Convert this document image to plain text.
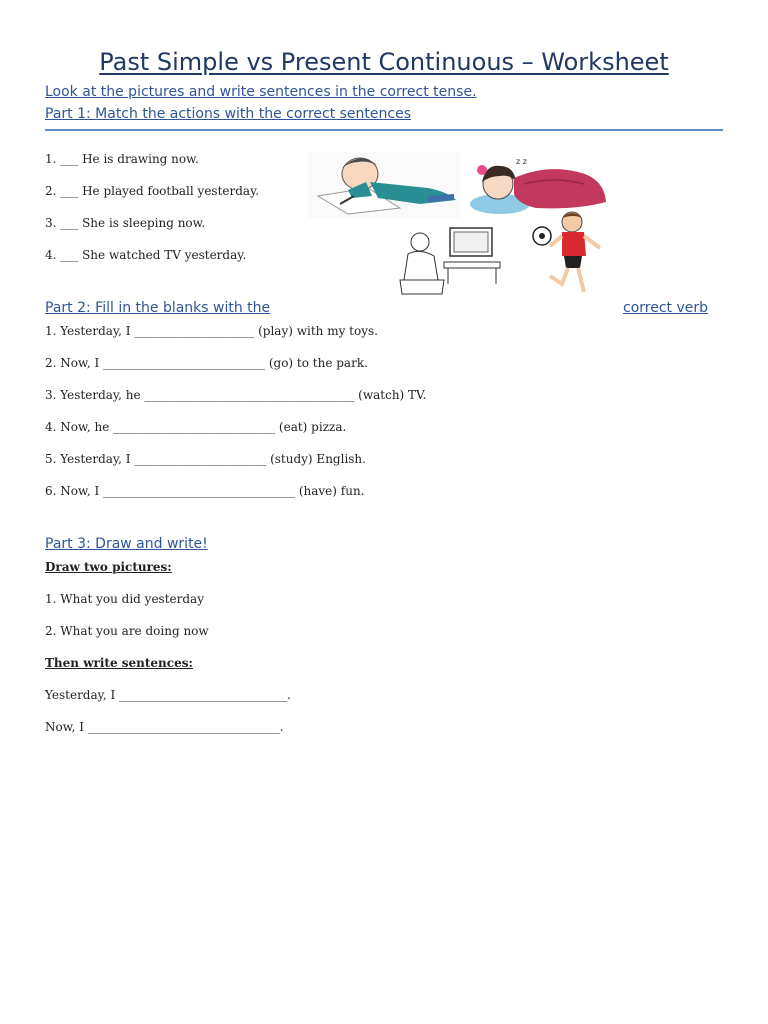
Past Simple vs Present Continuous – Worksheet
Look at the pictures and write sentences in the correct tense.
Part 1: Match the actions with the correct sentences
1. ___ He is drawing now.
2. ___ He played football yesterday.
3. ___ She is sleeping now.
4. ___ She watched TV yesterday.
z z
Part 2: Fill in the blanks with the	correct verb
1. Yesterday, I ____________________ (play) with my toys.
2. Now, I ___________________________ (go) to the park.
3. Yesterday, he ___________________________________ (watch) TV.
4. Now, he ___________________________ (eat) pizza.
5. Yesterday, I ______________________ (study) English.
6. Now, I ________________________________ (have) fun.
Part 3: Draw and write!
Draw two pictures:
1. What you did yesterday
2. What you are doing now
Then write sentences:
Yesterday, I ____________________________.
Now, I ________________________________.
